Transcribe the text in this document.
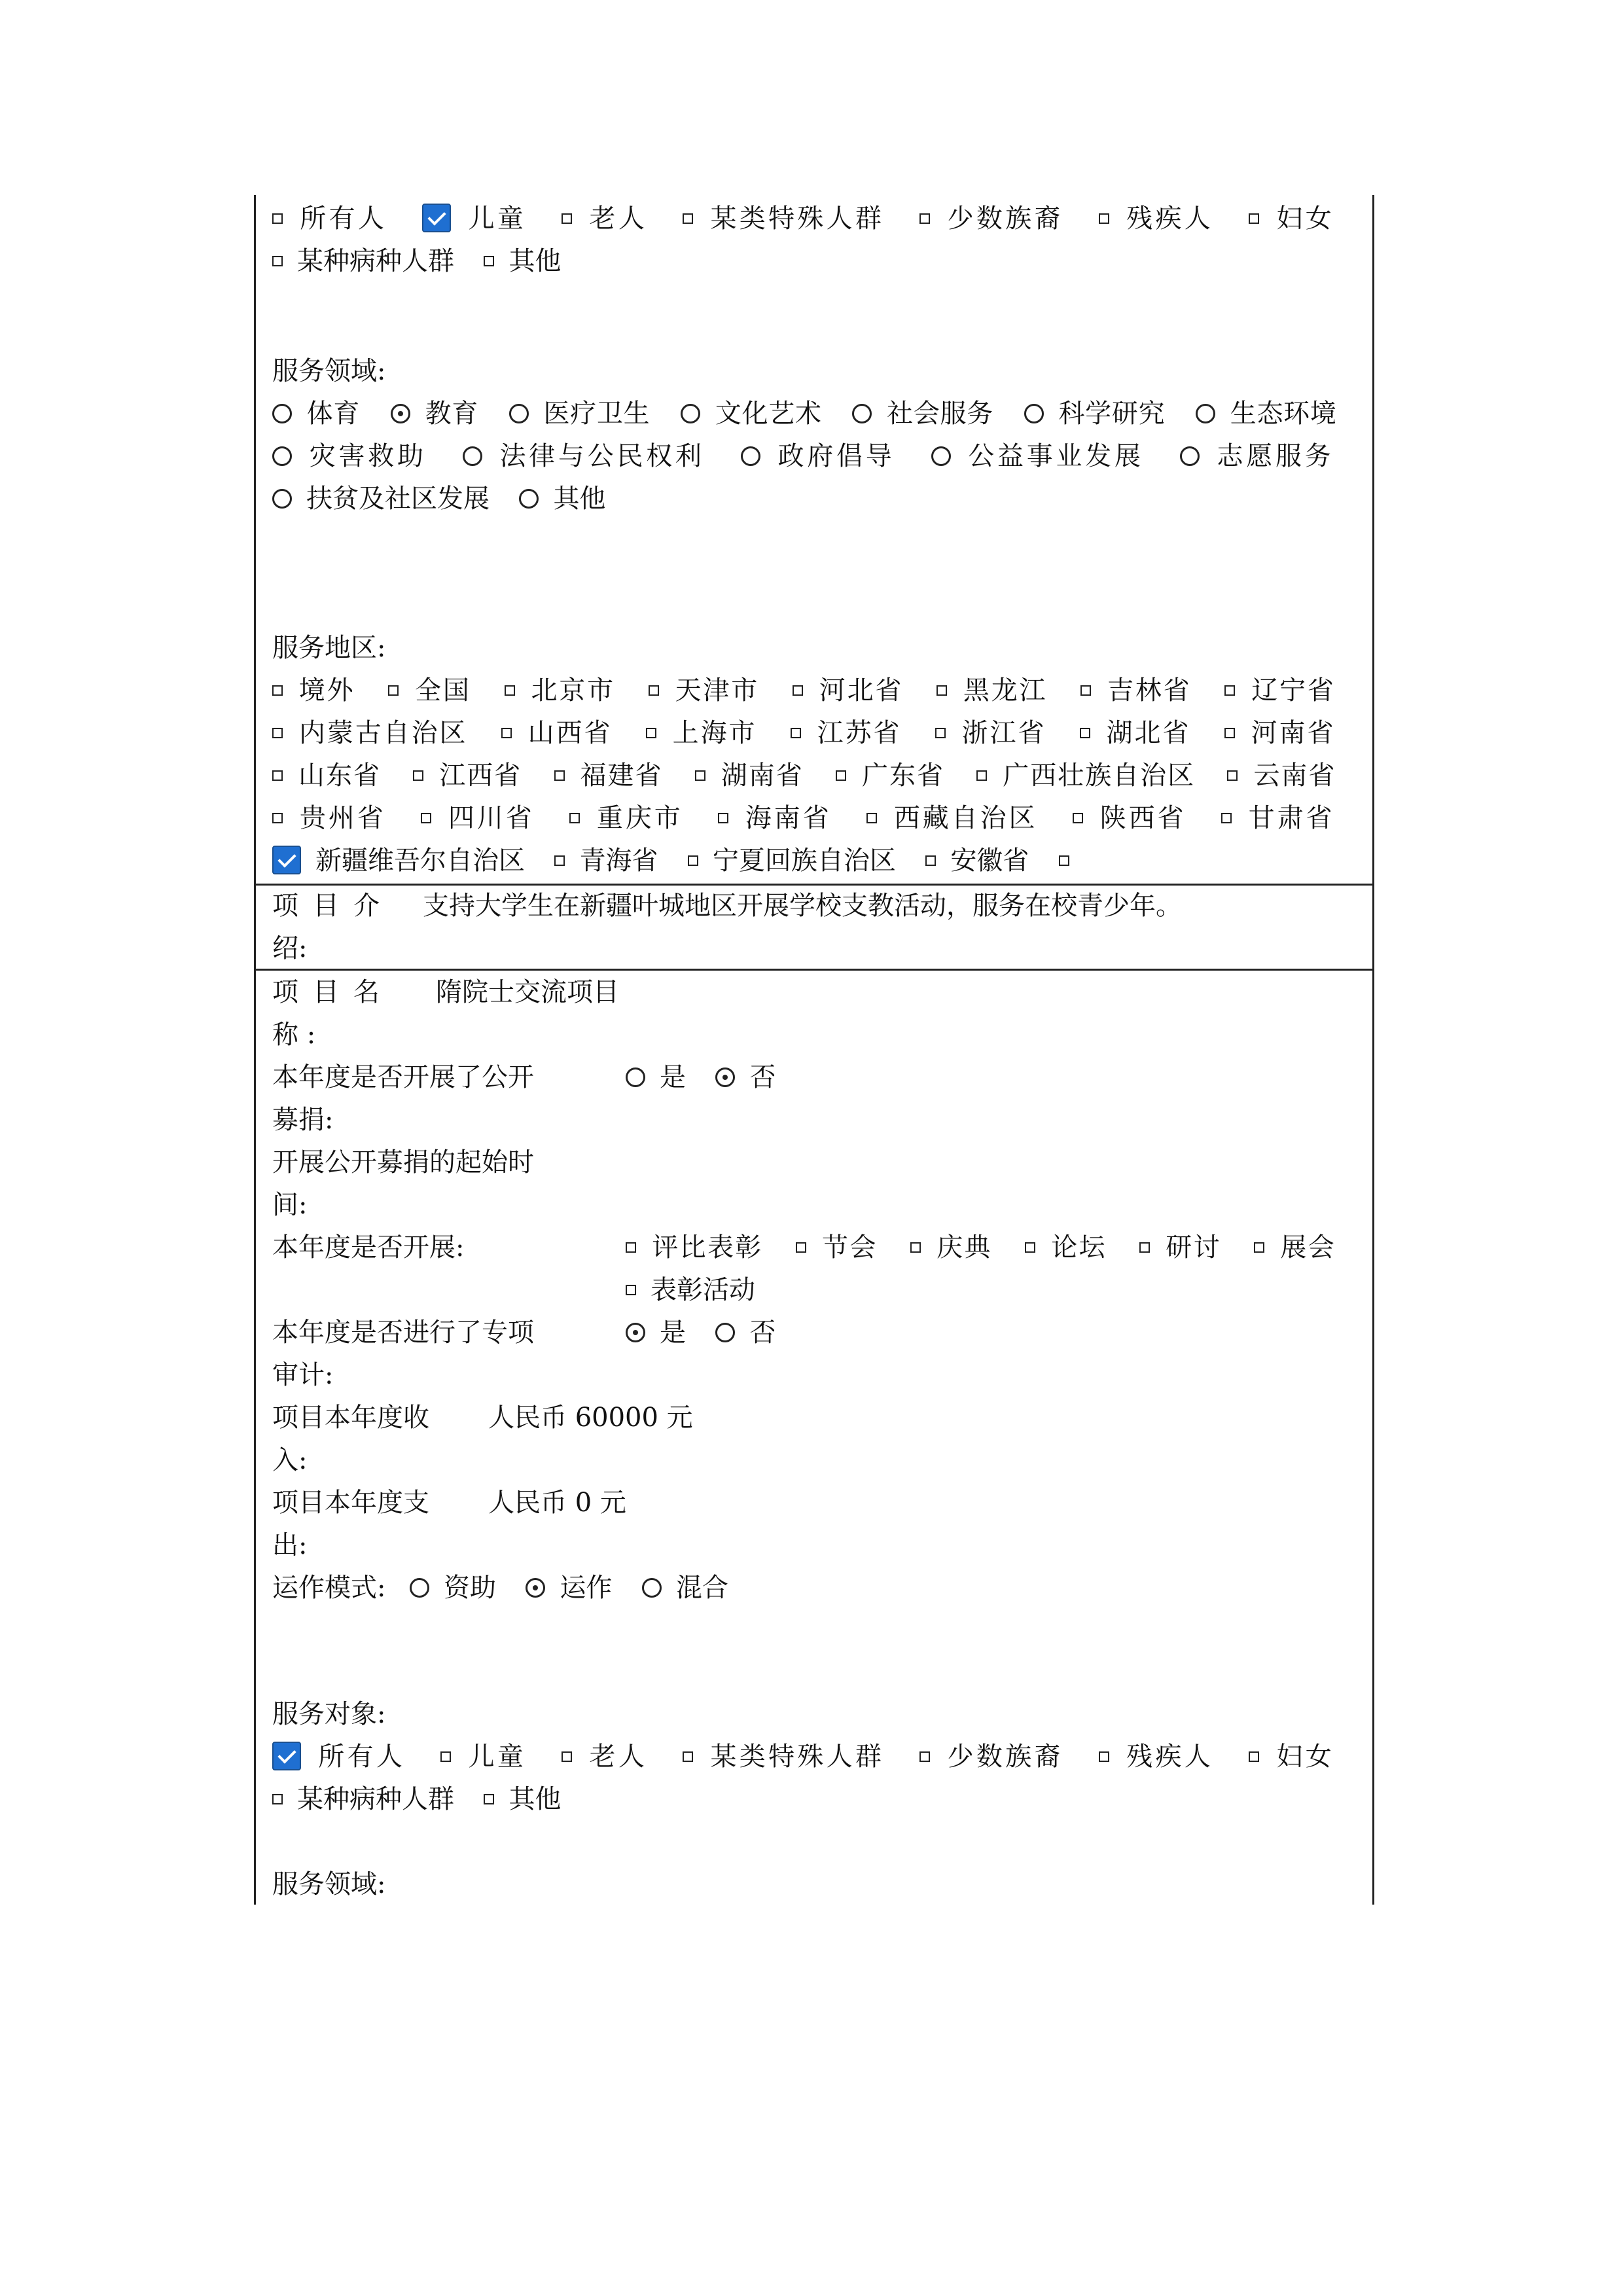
所有人  	儿童   老人   某类特殊人群   少数族裔   残疾人   妇女   某种病种人群   其他
服务领域:
体育   教育   医疗卫生   文化艺术   社会服务   科学研究   生态环境   灾害救助  	法律与公民权利  	政府倡导  	公益事业发展  	志愿服务   扶贫及社区发展   其他
服务地区:
境外   全国   北京市   天津市   河北省   黑龙江   吉林省   辽宁省   内蒙古自治区   山西省   上海市   江苏省   浙江省   湖北省   河南省   山东省   江西省   福建省   湖南省   广东省   广西壮族自治区   云南省   贵州省   四川省   重庆市   海南省   西藏自治区   陕西省   甘肃省   新疆维吾尔自治区   青海省   宁夏回族自治区   安徽省  
项目介
绍:
支持大学生在新疆叶城地区开展学校支教活动，服务在校青少年。
项目名
称 :
隋院士交流项目
本年度是否开展了公开
募捐:
是   否
开展公开募捐的起始时
间:
本年度是否开展:	评比表彰   节会   庆典   论坛   研讨   展会   表彰活动
本年度是否进行了专项
审计:
是   否
项目本年度收
入:
人民币 60000 元
项目本年度支
出:
人民币 0 元
运作模式:	资助   运作   混合
服务对象:
所有人   儿童   老人   某类特殊人群   少数族裔   残疾人   妇女   某种病种人群   其他
服务领域:
